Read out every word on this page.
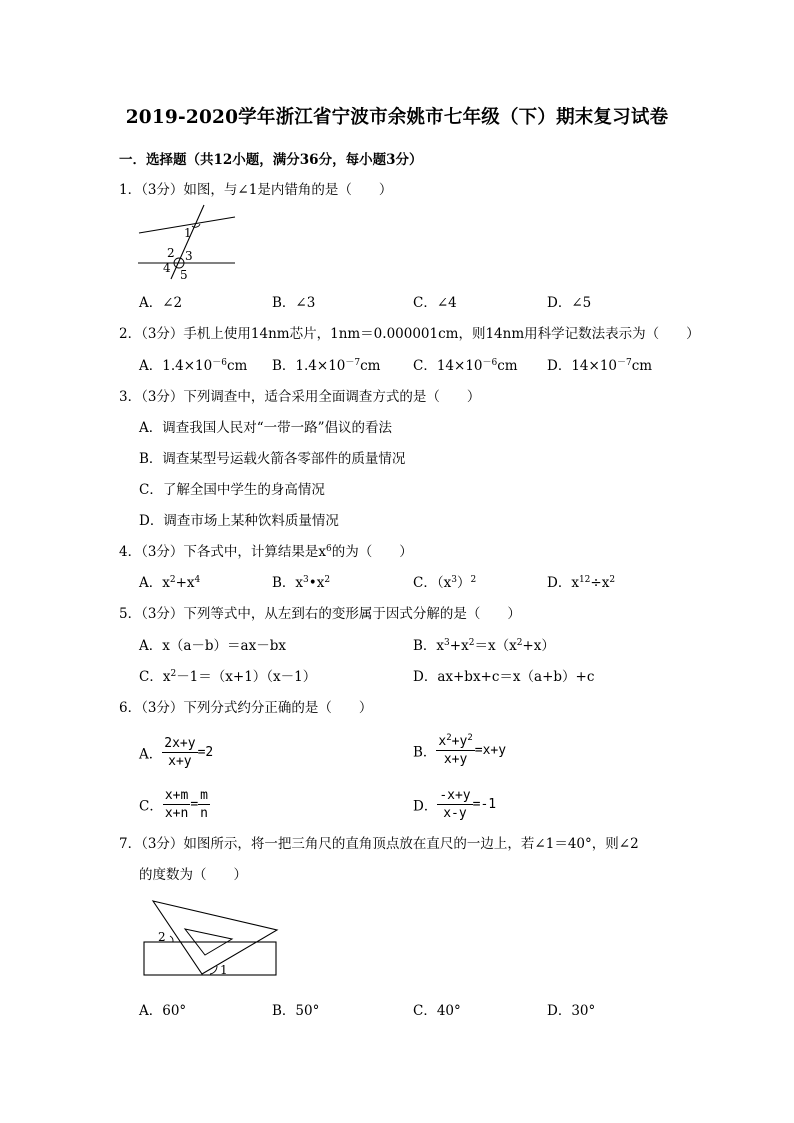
2019-2020学年浙江省宁波市余姚市七年级（下）期末复习试卷
一．选择题（共12小题，满分36分，每小题3分）
1．（3分）如图，与∠1是内错角的是（　　）
1
2 3
4 5
A．∠2	B．∠3	C．∠4	D．∠5
2．（3分）手机上使用14nm芯片，1nm＝0.000001cm，则14nm用科学记数法表示为（　　）
A．$1.4\times 10^{-6}cm$ B．$1.4\times 10^{-7}cm$ C．$14\times 10^{-6}cm$ D．$14\times 10^{-7}cm$
3．（3分）下列调查中，适合采用全面调查方式的是（　　）
A．调查我国人民对“一带一路”倡议的看法
B．调查某型号运载火箭各零部件的质量情况
C．了解全国中学生的身高情况
D．调查市场上某种饮料质量情况
4．（3分）下各式中，计算结果是$x^6$的为（　　）
A．$x^2+x^4$	B．$x^3•x^2$	C．$(x^3)^2$	D．$x^{12}\div x^2$
5．（3分）下列等式中，从左到右的变形属于因式分解的是（　　）
A．x（a－b）＝ax－bx	B．$x^3+x^2=x(x^2+x)$
C．$x^2-1=(x+1)(x-1)$	D．ax+bx+c＝x（a+b）+c
6．（3分）下列分式约分正确的是（　　）
A． $\frac{2x+y}{x+y} =2$	B． $\frac{x^2+y^2}{x+y} =x+y$
C． $\frac{x+m}{x+n} = \frac{m}{n}$	D． $\frac{-x+y}{x-y} =-1$
7．（3分）如图所示，将一把三角尺的直角顶点放在直尺的一边上，若∠1＝40°，则∠2
的度数为（　　）
2
1
A．60°	B．50°	C．40°	D．30°
